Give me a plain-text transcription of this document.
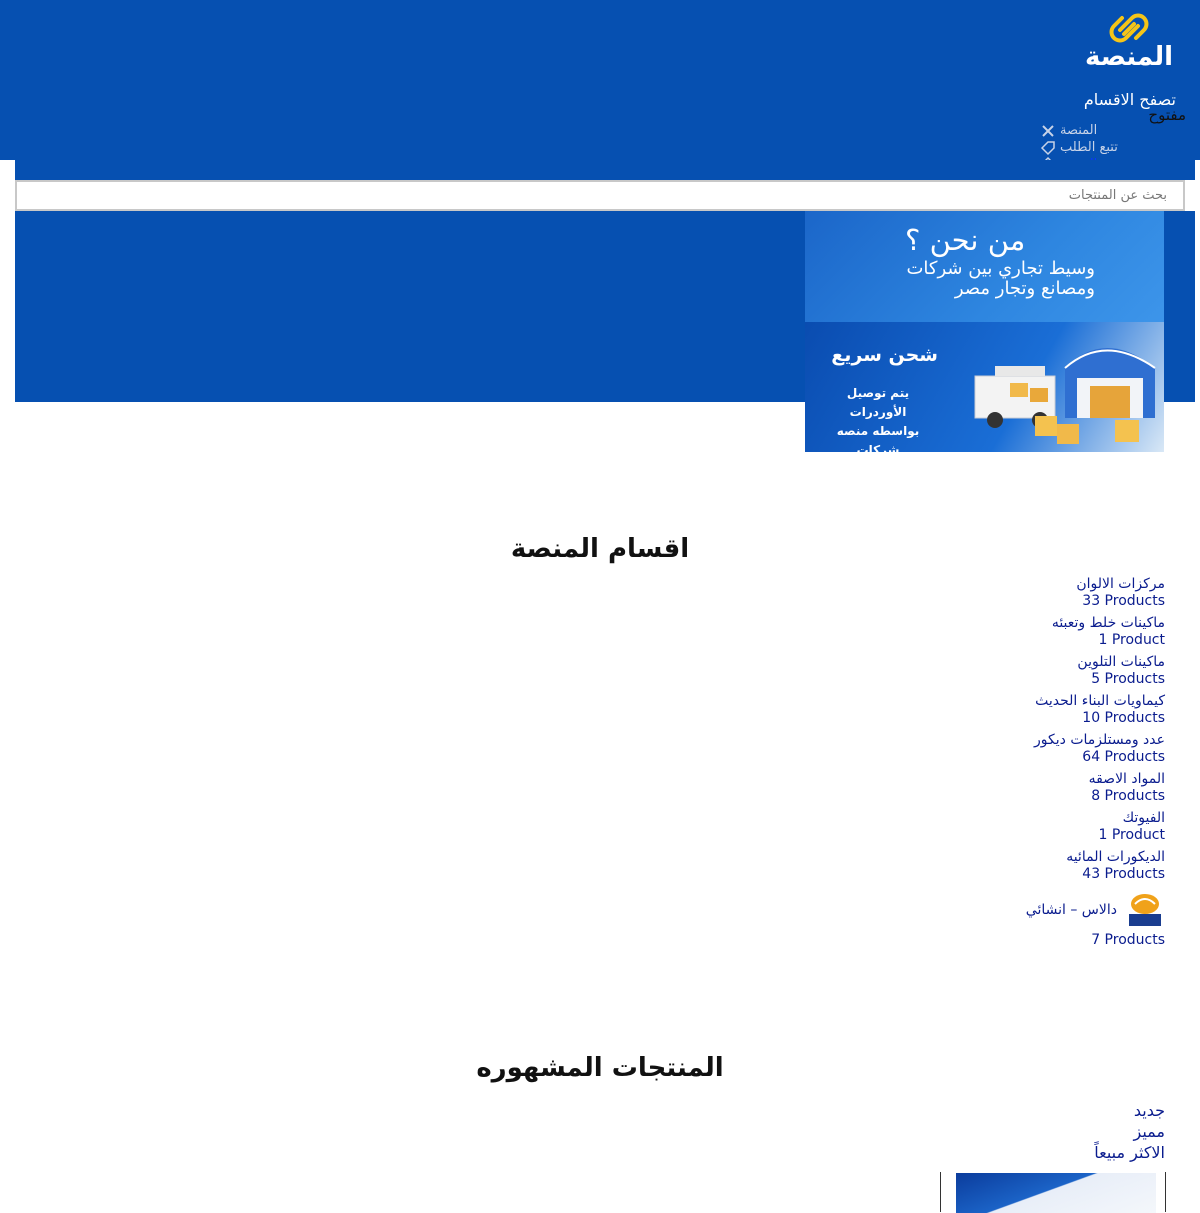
المنصة
تصفح الاقسام
مفتوح
المنصة
تتبع الطلب
بحث عن المنتجات
من نحن ؟
وسيط تجاري بين شركات
ومصانع وتجار مصر
شحن سريع
يتم توصيل الأوردرات
بواسطه منصه شركات
وتجار مصر
اقسام المنصة
مركزات الالوان
33 Products
ماكينات خلط وتعبئه
1 Product
ماكينات التلوين
5 Products
كيماويات البناء الحديث
10 Products
عدد ومستلزمات ديكور
64 Products
المواد الاصقه
8 Products
الفيوتك
1 Product
الديكورات المائيه
43 Products
دالاس – انشائي
7 Products
المنتجات المشهوره
جديد
مميز
الاكثر مبيعاً
